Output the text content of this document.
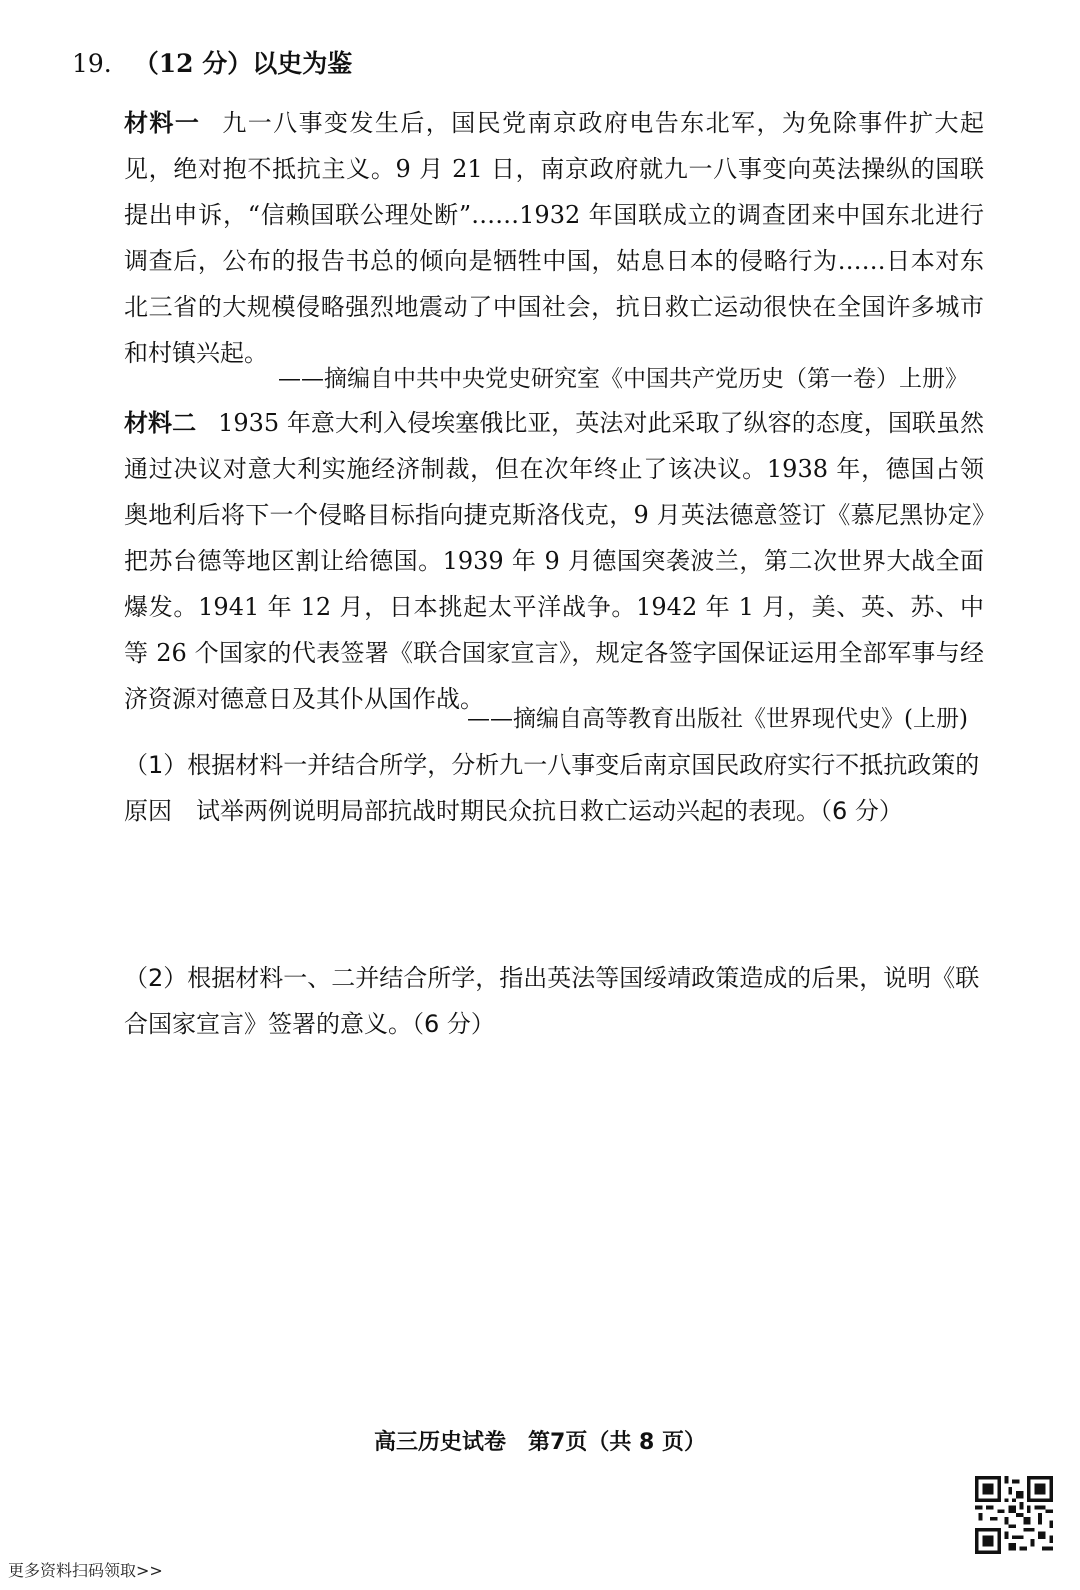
19. （12 分）以史为鉴
材料一 九一八事变发生后，国民党南京政府电告东北军，为免除事件扩大起见，绝对抱不抵抗主义。9 月 21 日，南京政府就九一八事变向英法操纵的国联提出申诉，“信赖国联公理处断”……1932 年国联成立的调查团来中国东北进行调查后，公布的报告书总的倾向是牺牲中国，姑息日本的侵略行为……日本对东北三省的大规模侵略强烈地震动了中国社会，抗日救亡运动很快在全国许多城市和村镇兴起。
——摘编自中共中央党史研究室《中国共产党历史（第一卷）上册》
材料二 1935 年意大利入侵埃塞俄比亚，英法对此采取了纵容的态度，国联虽然通过决议对意大利实施经济制裁，但在次年终止了该决议。1938 年，德国占领奥地利后将下一个侵略目标指向捷克斯洛伐克，9 月英法德意签订《慕尼黑协定》把苏台德等地区割让给德国。1939 年 9 月德国突袭波兰，第二次世界大战全面爆发。1941 年 12 月，日本挑起太平洋战争。1942 年 1 月，美、英、苏、中等 26 个国家的代表签署《联合国家宣言》，规定各签字国保证运用全部军事与经济资源对德意日及其仆从国作战。
——摘编自高等教育出版社《世界现代史》(上册)
（1）根据材料一并结合所学，分析九一八事变后南京国民政府实行不抵抗政策的原因　试举两例说明局部抗战时期民众抗日救亡运动兴起的表现。（6 分）
（2）根据材料一、二并结合所学，指出英法等国绥靖政策造成的后果，说明《联合国家宣言》签署的意义。（6 分）
高三历史试卷 第7页（共 8 页）
更多资料扫码领取>>
